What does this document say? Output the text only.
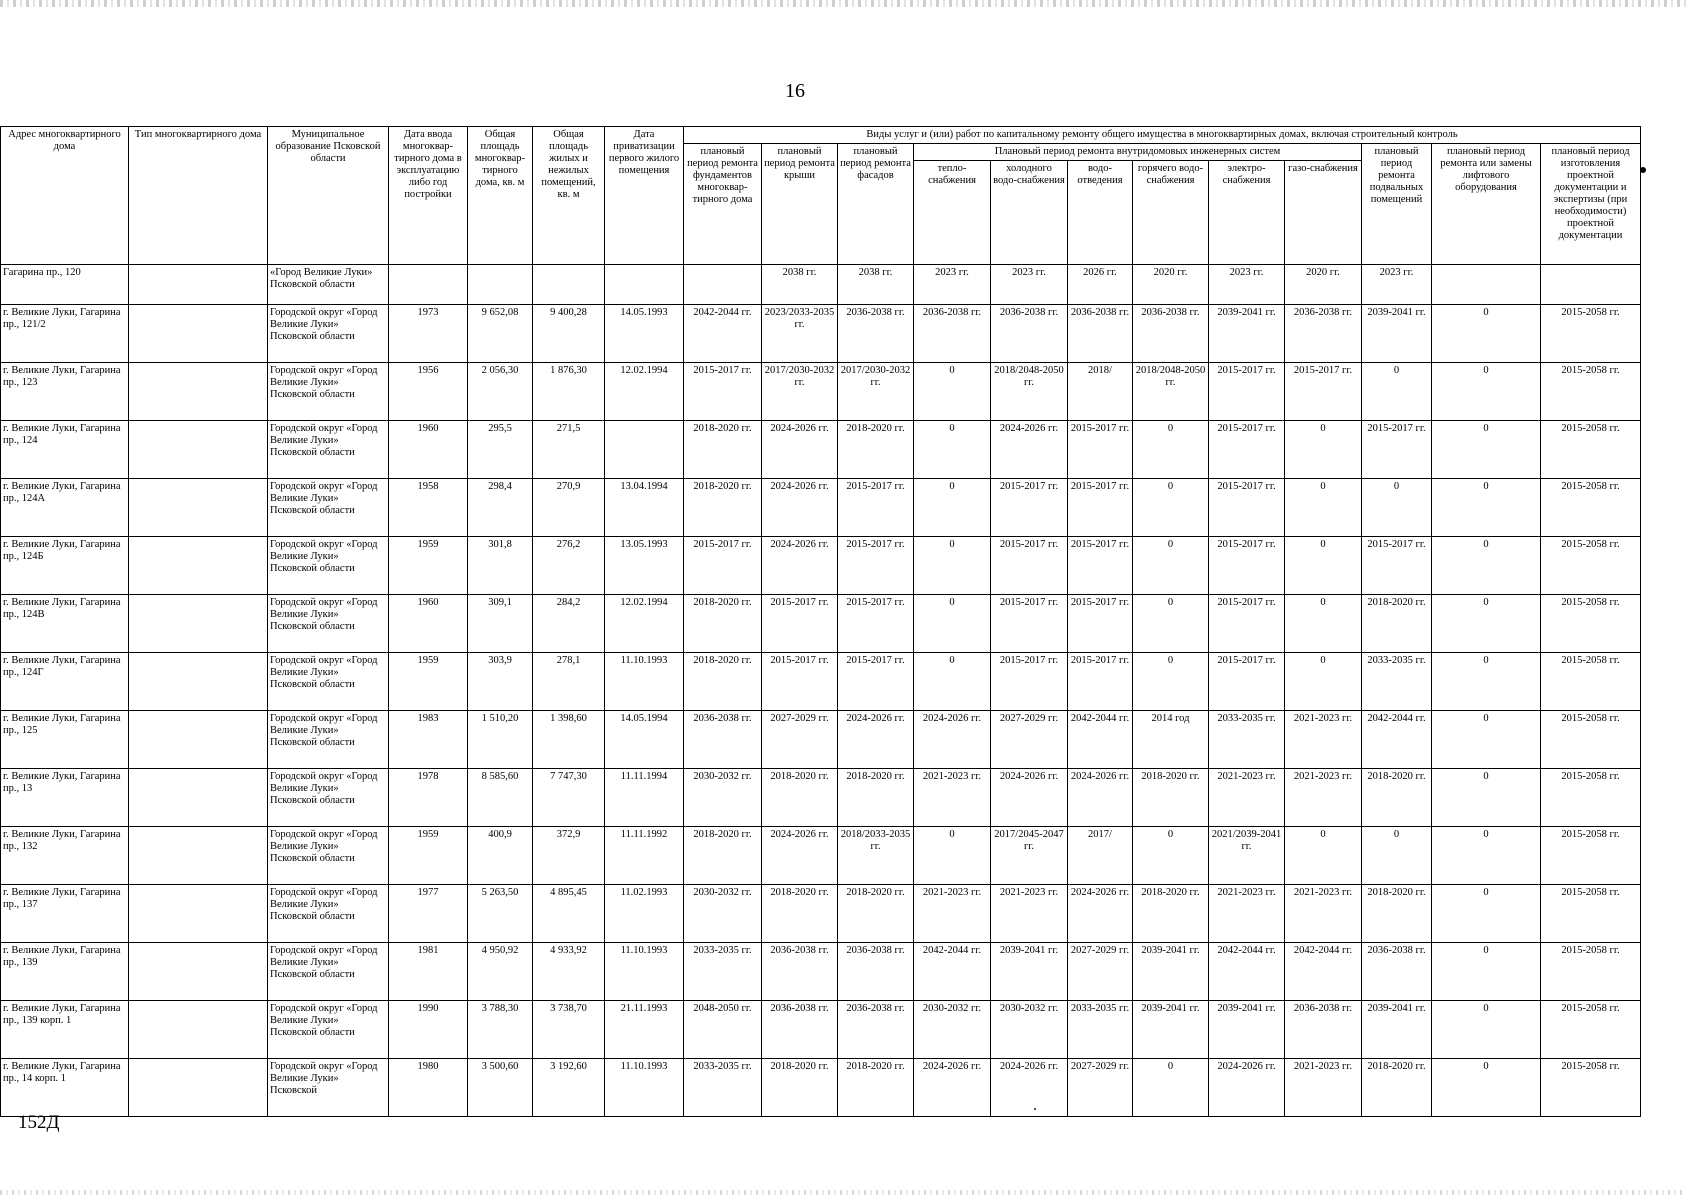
16
Адрес многоквартирного дома	Тип многоквартирного дома	Муниципальное образование Псковской области	Дата ввода многоквар-тирного дома в эксплуатацию либо год постройки	Общая площадь многоквар-тирного дома, кв. м	Общая площадь жилых и нежилых помещений, кв. м	Дата приватизации первого жилого помещения	Виды услуг и (или) работ по капитальному ремонту общего имущества в многоквартирных домах, включая строительный контроль											
							плановый период ремонта фундаментов многоквар-тирного дома	плановый период ремонта крыши	плановый период ремонта фасадов	Плановый период ремонта внутридомовых инженерных систем						плановый период ремонта подвальных помещений	плановый период ремонта или замены лифтового оборудования	плановый период изготовления проектной документации и экспертизы (при необходимости) проектной документации
										тепло-снабжения	холодного водо-снабжения	водо-отведения	горячего водо-снабжения	электро-снабжения	газо-снабжения			
Гагарина пр., 120		«Город Великие Луки» Псковской области						2038 гг.	2038 гг.	2023 гг.	2023 гг.	2026 гг.	2020 гг.	2023 гг.	2020 гг.	2023 гг.		
г. Великие Луки, Гагарина пр., 121/2		Городской округ «Город Великие Луки» Псковской области	1973	9 652,08	9 400,28	14.05.1993	2042-2044 гг.	2023/2033-2035 гг.	2036-2038 гг.	2036-2038 гг.	2036-2038 гг.	2036-2038 гг.	2036-2038 гг.	2039-2041 гг.	2036-2038 гг.	2039-2041 гг.	0	2015-2058 гг.
г. Великие Луки, Гагарина пр., 123		Городской округ «Город Великие Луки» Псковской области	1956	2 056,30	1 876,30	12.02.1994	2015-2017 гг.	2017/2030-2032 гг.	2017/2030-2032 гг.	0	2018/2048-2050 гг.	2018/	2018/2048-2050 гг.	2015-2017 гг.	2015-2017 гг.	0	0	2015-2058 гг.
г. Великие Луки, Гагарина пр., 124		Городской округ «Город Великие Луки» Псковской области	1960	295,5	271,5		2018-2020 гг.	2024-2026 гг.	2018-2020 гг.	0	2024-2026 гг.	2015-2017 гг.	0	2015-2017 гг.	0	2015-2017 гг.	0	2015-2058 гг.
г. Великие Луки, Гагарина пр., 124А		Городской округ «Город Великие Луки» Псковской области	1958	298,4	270,9	13.04.1994	2018-2020 гг.	2024-2026 гг.	2015-2017 гг.	0	2015-2017 гг.	2015-2017 гг.	0	2015-2017 гг.	0	0	0	2015-2058 гг.
г. Великие Луки, Гагарина пр., 124Б		Городской округ «Город Великие Луки» Псковской области	1959	301,8	276,2	13.05.1993	2015-2017 гг.	2024-2026 гг.	2015-2017 гг.	0	2015-2017 гг.	2015-2017 гг.	0	2015-2017 гг.	0	2015-2017 гг.	0	2015-2058 гг.
г. Великие Луки, Гагарина пр., 124В		Городской округ «Город Великие Луки» Псковской области	1960	309,1	284,2	12.02.1994	2018-2020 гг.	2015-2017 гг.	2015-2017 гг.	0	2015-2017 гг.	2015-2017 гг.	0	2015-2017 гг.	0	2018-2020 гг.	0	2015-2058 гг.
г. Великие Луки, Гагарина пр., 124Г		Городской округ «Город Великие Луки» Псковской области	1959	303,9	278,1	11.10.1993	2018-2020 гг.	2015-2017 гг.	2015-2017 гг.	0	2015-2017 гг.	2015-2017 гг.	0	2015-2017 гг.	0	2033-2035 гг.	0	2015-2058 гг.
г. Великие Луки, Гагарина пр., 125		Городской округ «Город Великие Луки» Псковской области	1983	1 510,20	1 398,60	14.05.1994	2036-2038 гг.	2027-2029 гг.	2024-2026 гг.	2024-2026 гг.	2027-2029 гг.	2042-2044 гг.	2014 год	2033-2035 гг.	2021-2023 гг.	2042-2044 гг.	0	2015-2058 гг.
г. Великие Луки, Гагарина пр., 13		Городской округ «Город Великие Луки» Псковской области	1978	8 585,60	7 747,30	11.11.1994	2030-2032 гг.	2018-2020 гг.	2018-2020 гг.	2021-2023 гг.	2024-2026 гг.	2024-2026 гг.	2018-2020 гг.	2021-2023 гг.	2021-2023 гг.	2018-2020 гг.	0	2015-2058 гг.
г. Великие Луки, Гагарина пр., 132		Городской округ «Город Великие Луки» Псковской области	1959	400,9	372,9	11.11.1992	2018-2020 гг.	2024-2026 гг.	2018/2033-2035 гг.	0	2017/2045-2047 гг.	2017/	0	2021/2039-2041 гг.	0	0	0	2015-2058 гг.
г. Великие Луки, Гагарина пр., 137		Городской округ «Город Великие Луки» Псковской области	1977	5 263,50	4 895,45	11.02.1993	2030-2032 гг.	2018-2020 гг.	2018-2020 гг.	2021-2023 гг.	2021-2023 гг.	2024-2026 гг.	2018-2020 гг.	2021-2023 гг.	2021-2023 гг.	2018-2020 гг.	0	2015-2058 гг.
г. Великие Луки, Гагарина пр., 139		Городской округ «Город Великие Луки» Псковской области	1981	4 950,92	4 933,92	11.10.1993	2033-2035 гг.	2036-2038 гг.	2036-2038 гг.	2042-2044 гг.	2039-2041 гг.	2027-2029 гг.	2039-2041 гг.	2042-2044 гг.	2042-2044 гг.	2036-2038 гг.	0	2015-2058 гг.
г. Великие Луки, Гагарина пр., 139 корп. 1		Городской округ «Город Великие Луки» Псковской области	1990	3 788,30	3 738,70	21.11.1993	2048-2050 гг.	2036-2038 гг.	2036-2038 гг.	2030-2032 гг.	2030-2032 гг.	2033-2035 гг.	2039-2041 гг.	2039-2041 гг.	2036-2038 гг.	2039-2041 гг.	0	2015-2058 гг.
г. Великие Луки, Гагарина пр., 14 корп. 1		Городской округ «Город Великие Луки» Псковской	1980	3 500,60	3 192,60	11.10.1993	2033-2035 гг.	2018-2020 гг.	2018-2020 гг.	2024-2026 гг.	2024-2026 гг.	2027-2029 гг.	0	2024-2026 гг.	2021-2023 гг.	2018-2020 гг.	0	2015-2058 гг.
152Д
